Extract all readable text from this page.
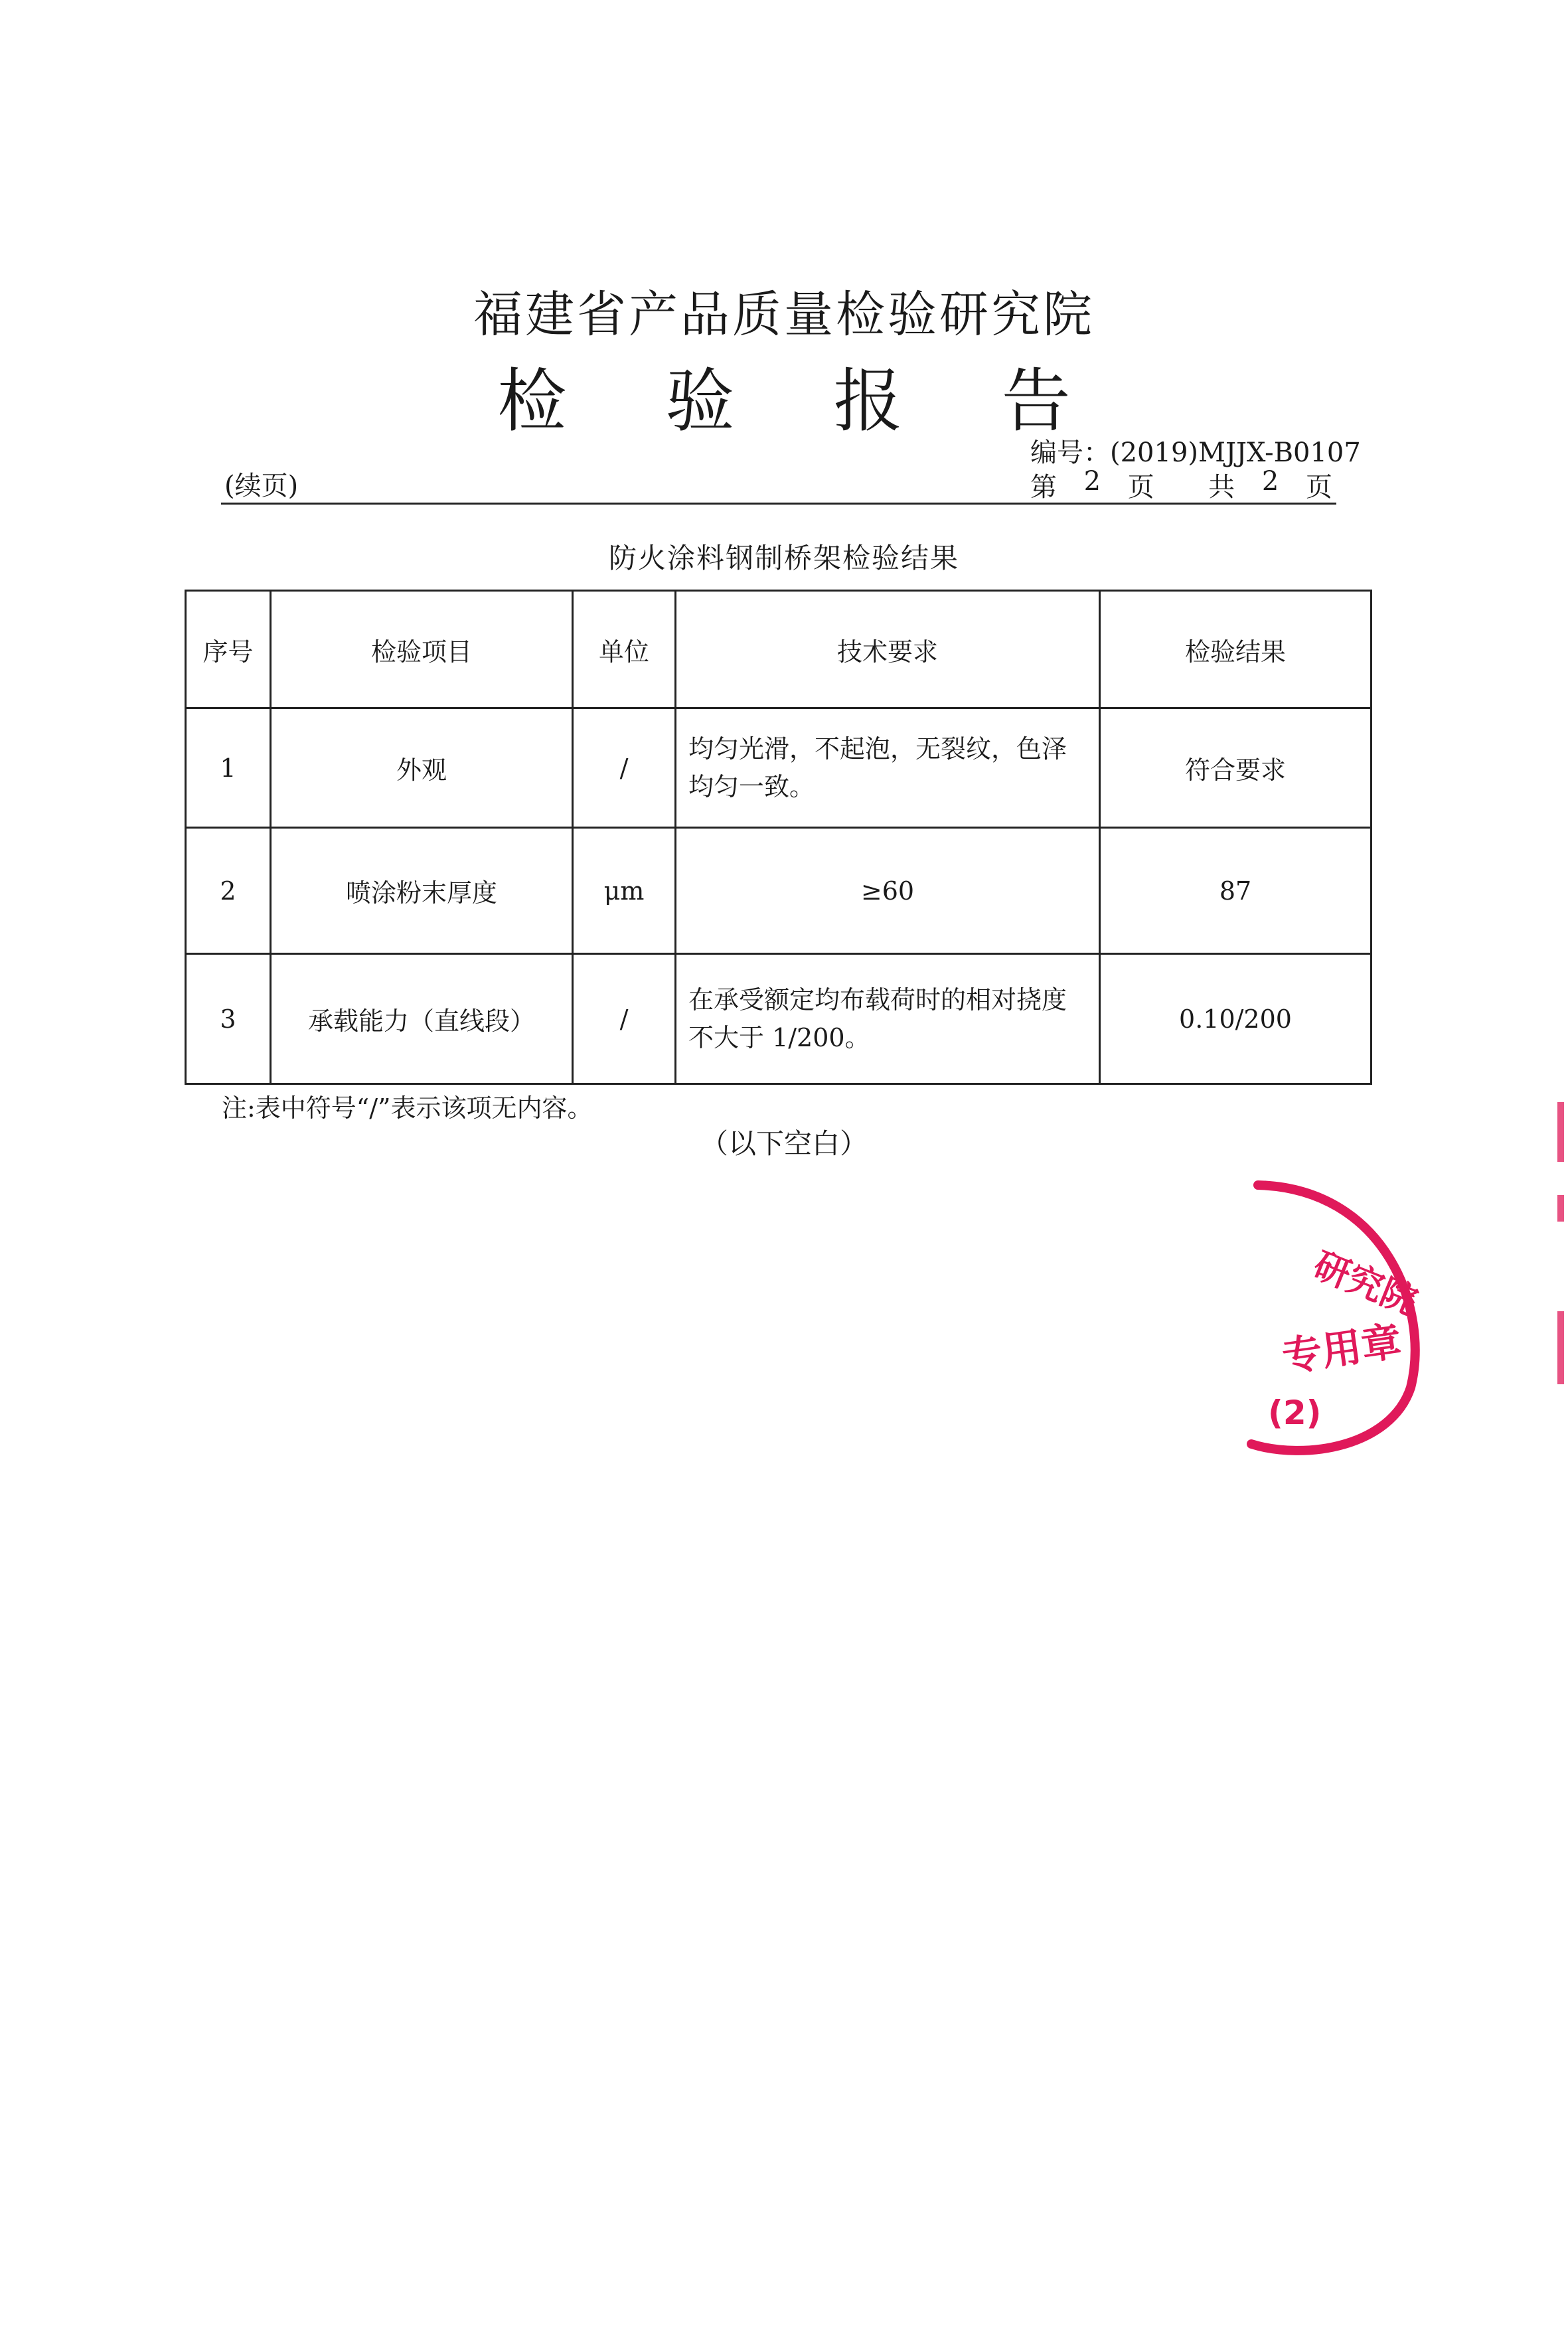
福建省产品质量检验研究院
检 验 报 告
编号：(2019)MJJX-B0107
(续页)	第 2 页 共 2 页
防火涂料钢制桥架检验结果
序号	检验项目	单位	技术要求	检验结果
1	外观	/	均匀光滑，不起泡，无裂纹，色泽均匀一致。	符合要求
2	喷涂粉末厚度	μm	≥60	87
3	承载能力（直线段）	/	在承受额定均布载荷时的相对挠度不大于 1/200。	0.10/200
注:表中符号“/”表示该项无内容。
（以下空白）
研究院
专用章
(2)
